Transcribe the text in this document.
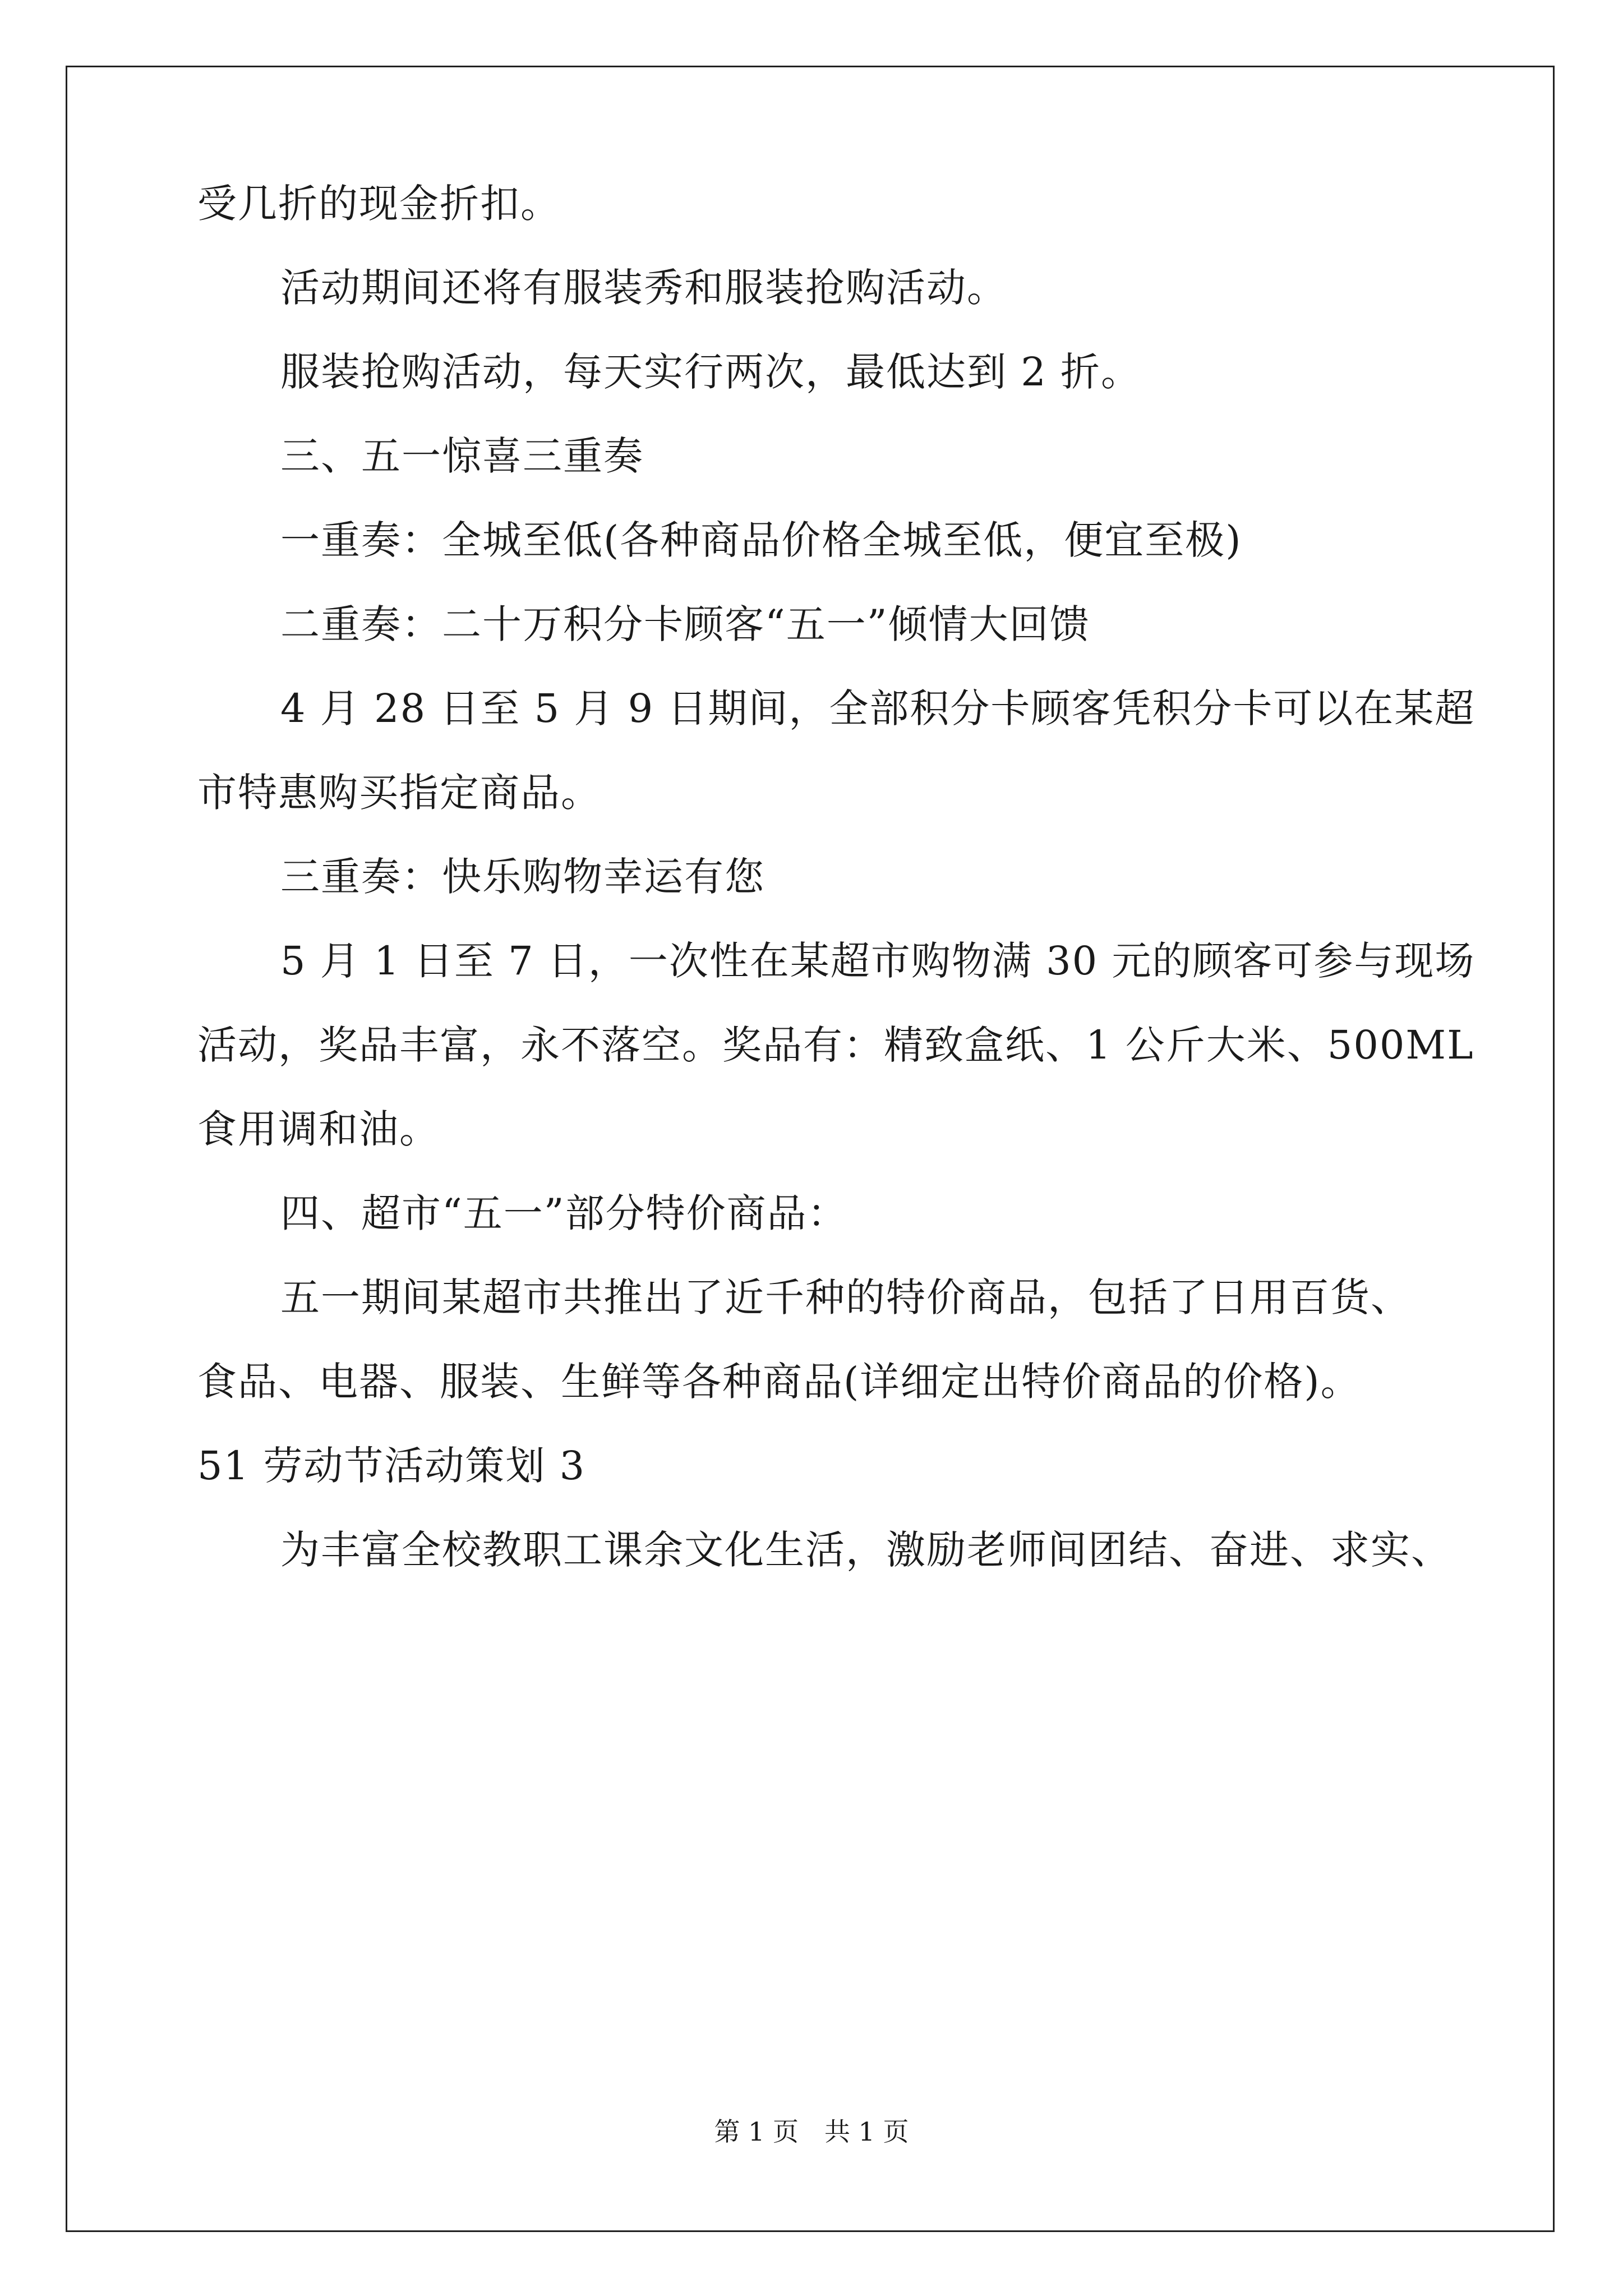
受几折的现金折扣。
活动期间还将有服装秀和服装抢购活动。
服装抢购活动，每天实行两次，最低达到 2 折。
三、五一惊喜三重奏
一重奏：全城至低(各种商品价格全城至低，便宜至极)
二重奏：二十万积分卡顾客“五一”倾情大回馈
4 月 28 日至 5 月 9 日期间，全部积分卡顾客凭积分卡可以在某超
市特惠购买指定商品。
三重奏：快乐购物幸运有您
5 月 1 日至 7 日，一次性在某超市购物满 30 元的顾客可参与现场
活动，奖品丰富，永不落空。奖品有：精致盒纸、1 公斤大米、500ML
食用调和油。
四、超市“五一”部分特价商品：
五一期间某超市共推出了近千种的特价商品，包括了日用百货、
食品、电器、服装、生鲜等各种商品(详细定出特价商品的价格)。
51 劳动节活动策划 3
为丰富全校教职工课余文化生活，激励老师间团结、奋进、求实、
第 1 页　共 1 页
